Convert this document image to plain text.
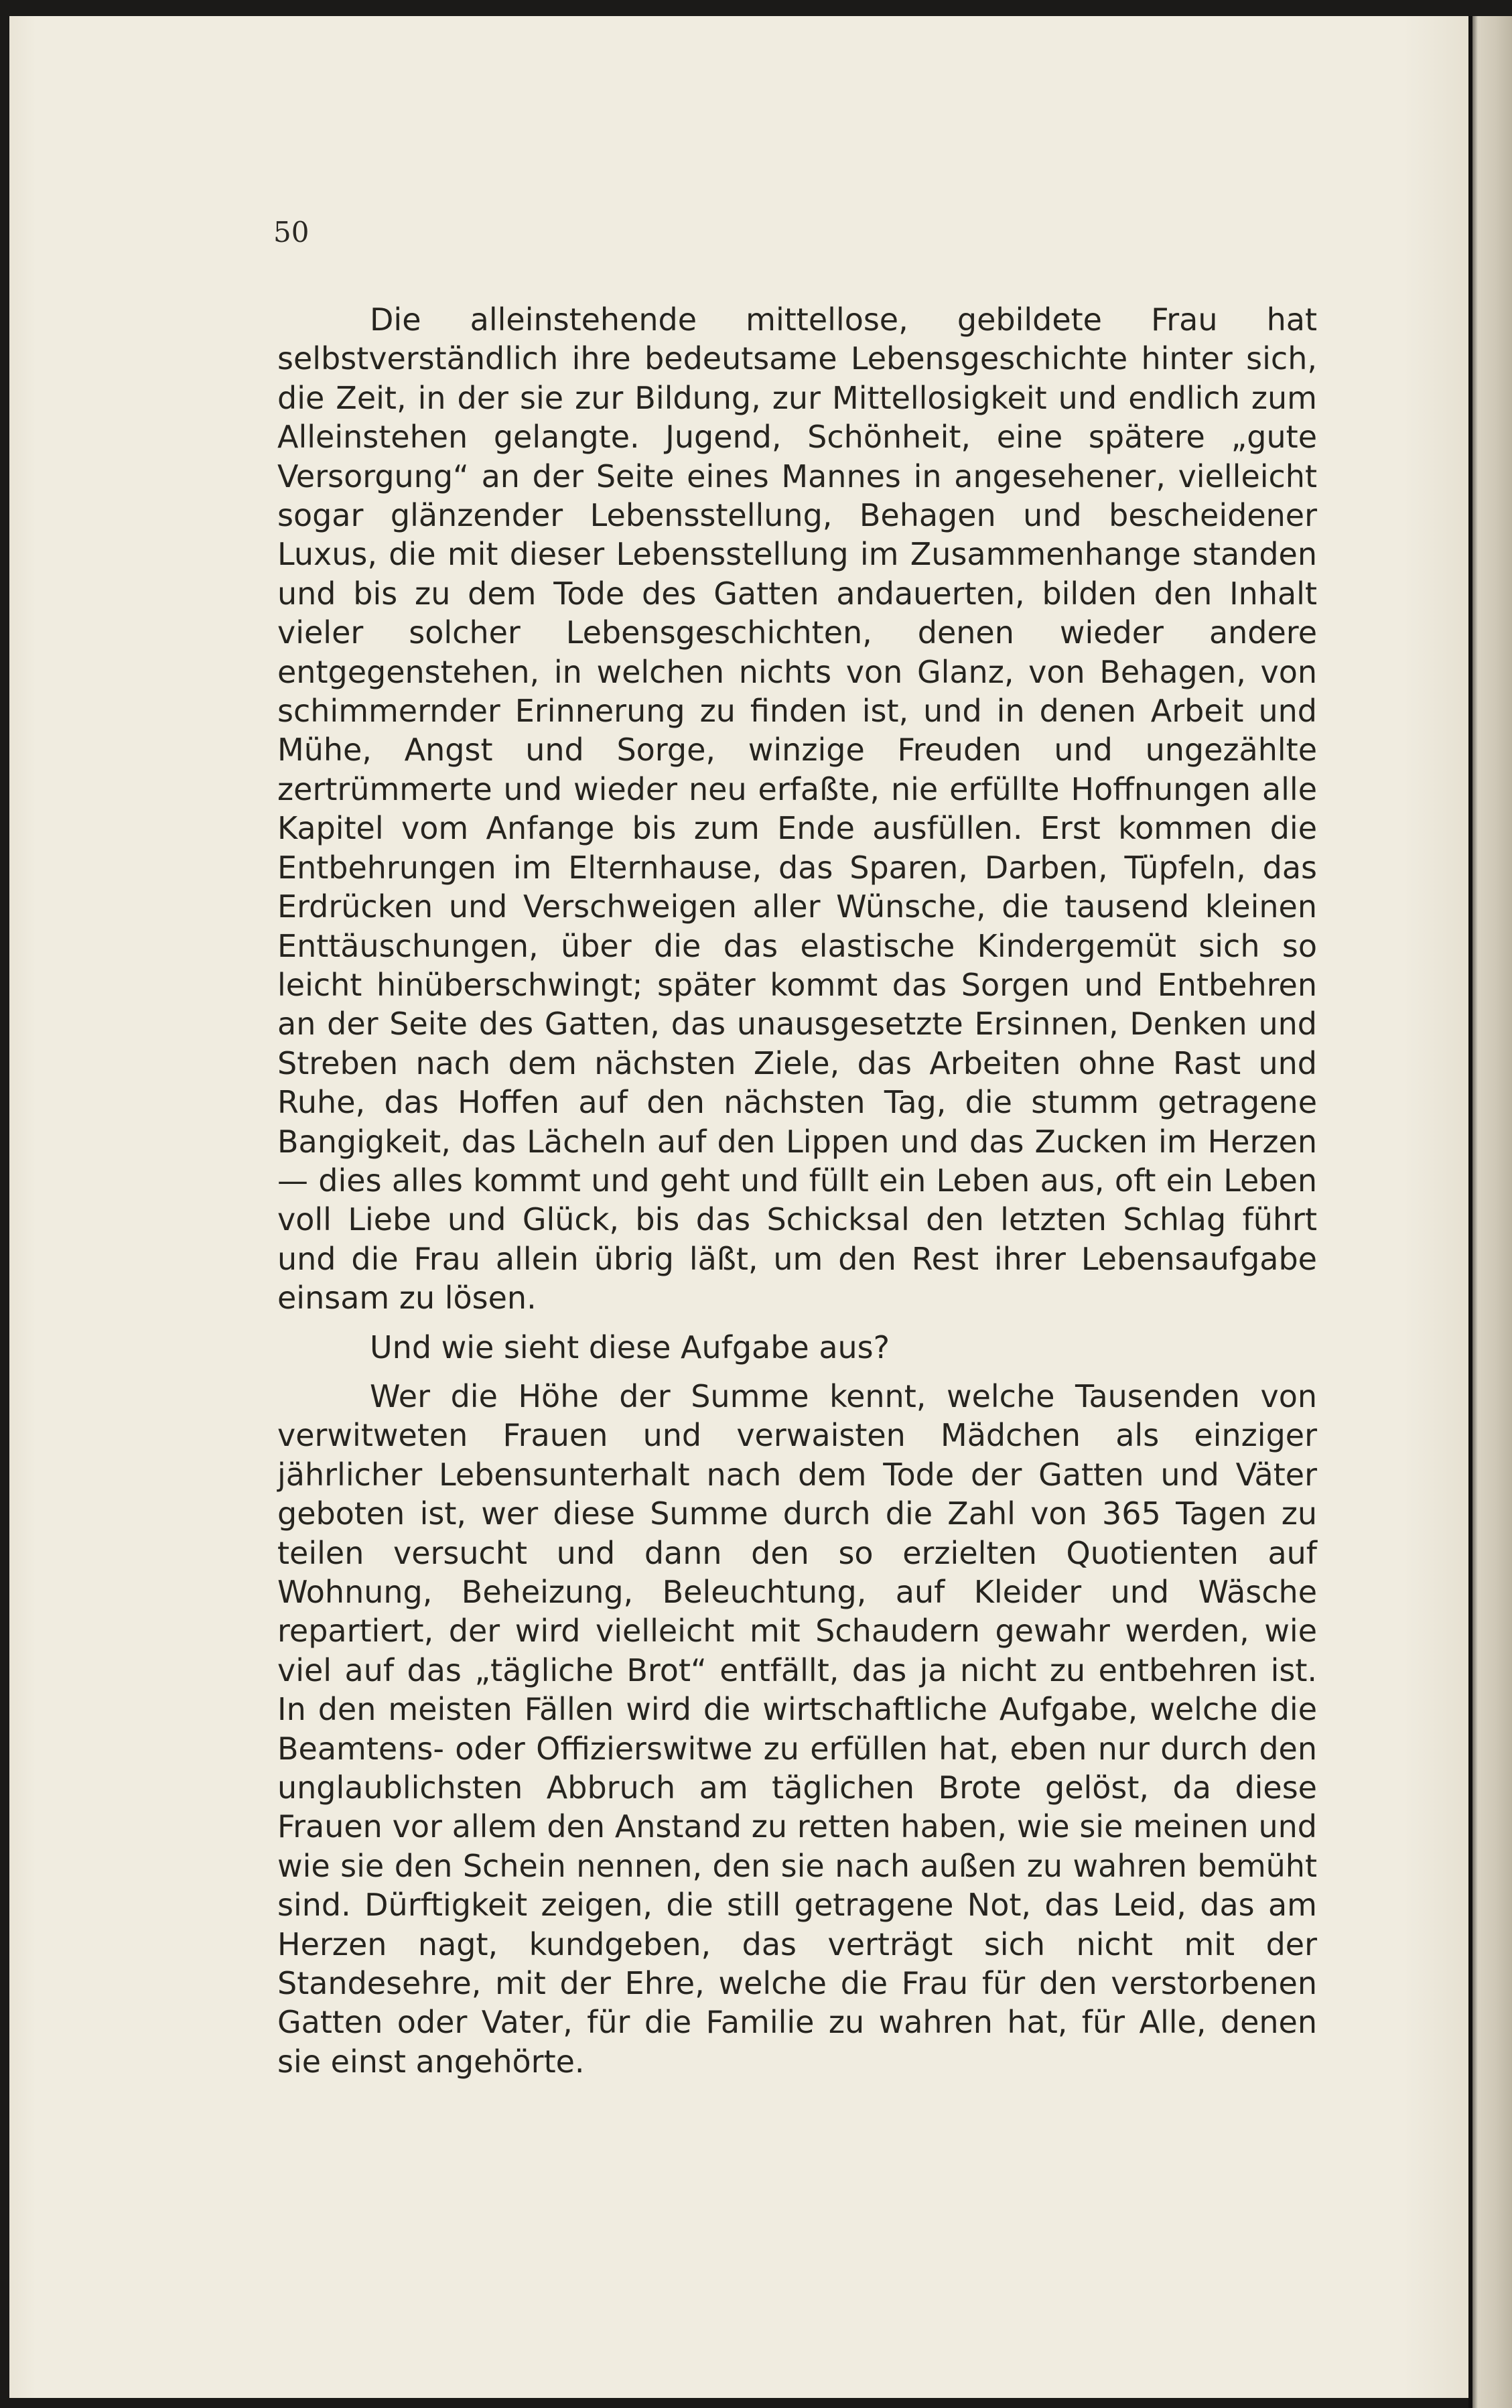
50

Die alleinstehende mittellose, gebildete Frau hat selbstverständlich ihre bedeutsame Lebensgeschichte hinter sich, die Zeit, in der sie zur Bildung, zur Mittellosigkeit und endlich zum Alleinstehen gelangte. Jugend, Schönheit, eine spätere „gute Versorgung“ an der Seite eines Mannes in angesehener, vielleicht sogar glänzender Lebensstellung, Behagen und bescheidener Luxus, die mit dieser Lebensstellung im Zusammenhange standen und bis zu dem Tode des Gatten andauerten, bilden den Inhalt vieler solcher Lebensgeschichten, denen wieder andere entgegenstehen, in welchen nichts von Glanz, von Behagen, von schimmernder Erinnerung zu finden ist, und in denen Arbeit und Mühe, Angst und Sorge, winzige Freuden und ungezählte zertrümmerte und wieder neu erfaßte, nie erfüllte Hoffnungen alle Kapitel vom Anfange bis zum Ende ausfüllen. Erst kommen die Entbehrungen im Elternhause, das Sparen, Darben, Tüpfeln, das Erdrücken und Verschweigen aller Wünsche, die tausend kleinen Enttäuschungen, über die das elastische Kindergemüt sich so leicht hinüberschwingt; später kommt das Sorgen und Entbehren an der Seite des Gatten, das unausgesetzte Ersinnen, Denken und Streben nach dem nächsten Ziele, das Arbeiten ohne Rast und Ruhe, das Hoffen auf den nächsten Tag, die stumm getragene Bangigkeit, das Lächeln auf den Lippen und das Zucken im Herzen — dies alles kommt und geht und füllt ein Leben aus, oft ein Leben voll Liebe und Glück, bis das Schicksal den letzten Schlag führt und die Frau allein übrig läßt, um den Rest ihrer Lebensaufgabe einsam zu lösen.

Und wie sieht diese Aufgabe aus?

Wer die Höhe der Summe kennt, welche Tausenden von verwitweten Frauen und verwaisten Mädchen als einziger jährlicher Lebensunterhalt nach dem Tode der Gatten und Väter geboten ist, wer diese Summe durch die Zahl von 365 Tagen zu teilen versucht und dann den so erzielten Quotienten auf Wohnung, Beheizung, Beleuchtung, auf Kleider und Wäsche repartiert, der wird vielleicht mit Schaudern gewahr werden, wie viel auf das „tägliche Brot“ entfällt, das ja nicht zu entbehren ist. In den meisten Fällen wird die wirtschaftliche Aufgabe, welche die Beamtens- oder Offizierswitwe zu erfüllen hat, eben nur durch den unglaublichsten Abbruch am täglichen Brote gelöst, da diese Frauen vor allem den Anstand zu retten haben, wie sie meinen und wie sie den Schein nennen, den sie nach außen zu wahren bemüht sind. Dürftigkeit zeigen, die still getragene Not, das Leid, das am Herzen nagt, kundgeben, das verträgt sich nicht mit der Standesehre, mit der Ehre, welche die Frau für den verstorbenen Gatten oder Vater, für die Familie zu wahren hat, für Alle, denen sie einst angehörte.
